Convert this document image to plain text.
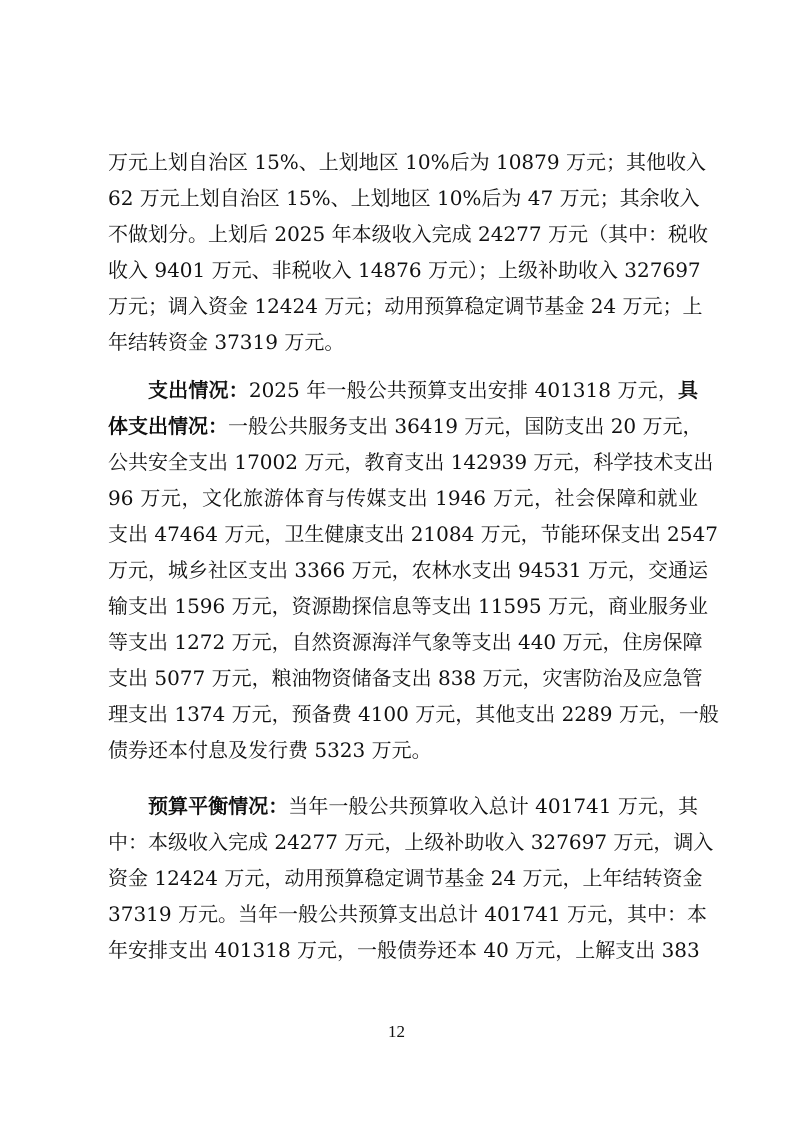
万元上划自治区 15%、上划地区 10%后为 10879 万元；其他收入
62 万元上划自治区 15%、上划地区 10%后为 47 万元；其余收入
不做划分。上划后 2025 年本级收入完成 24277 万元（其中：税收
收入 9401 万元、非税收入 14876 万元）；上级补助收入 327697
万元；调入资金 12424 万元；动用预算稳定调节基金 24 万元；上
年结转资金 37319 万元。
支出情况：2025 年一般公共预算支出安排 401318 万元，具
体支出情况：一般公共服务支出 36419 万元，国防支出 20 万元，
公共安全支出 17002 万元，教育支出 142939 万元，科学技术支出
96 万元，文化旅游体育与传媒支出 1946 万元，社会保障和就业
支出 47464 万元，卫生健康支出 21084 万元，节能环保支出 2547
万元，城乡社区支出 3366 万元，农林水支出 94531 万元，交通运
输支出 1596 万元，资源勘探信息等支出 11595 万元，商业服务业
等支出 1272 万元，自然资源海洋气象等支出 440 万元，住房保障
支出 5077 万元，粮油物资储备支出 838 万元，灾害防治及应急管
理支出 1374 万元，预备费 4100 万元，其他支出 2289 万元，一般
债券还本付息及发行费 5323 万元。
预算平衡情况：当年一般公共预算收入总计 401741 万元，其
中：本级收入完成 24277 万元，上级补助收入 327697 万元，调入
资金 12424 万元，动用预算稳定调节基金 24 万元，上年结转资金
37319 万元。当年一般公共预算支出总计 401741 万元，其中：本
年安排支出 401318 万元，一般债券还本 40 万元，上解支出 383
12
